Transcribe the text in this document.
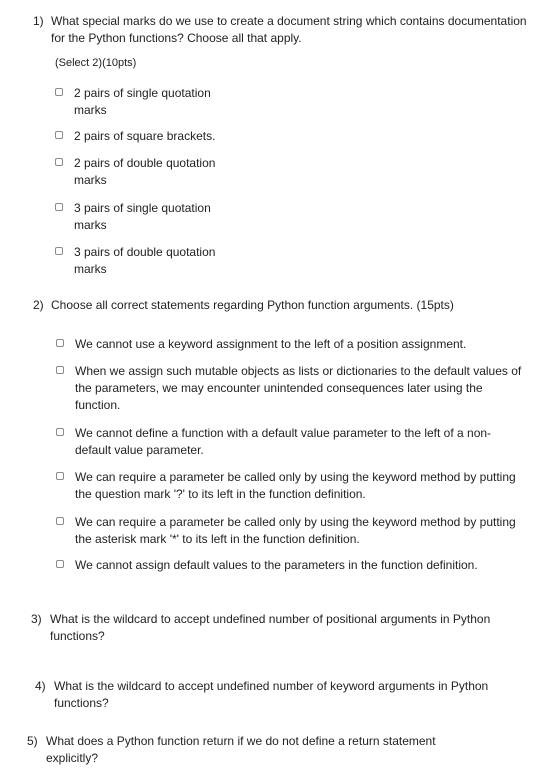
1) What special marks do we use to create a document string which contains documentation for the Python functions? Choose all that apply.
(Select 2)(10pts)
2 pairs of single quotation marks
2 pairs of square brackets.
2 pairs of double quotation marks
3 pairs of single quotation marks
3 pairs of double quotation marks
2) Choose all correct statements regarding Python function arguments. (15pts)
We cannot use a keyword assignment to the left of a position assignment.
When we assign such mutable objects as lists or dictionaries to the default values of the parameters, we may encounter unintended consequences later using the function.
We cannot define a function with a default value parameter to the left of a non-default value parameter.
We can require a parameter be called only by using the keyword method by putting the question mark '?' to its left in the function definition.
We can require a parameter be called only by using the keyword method by putting the asterisk mark '*' to its left in the function definition.
We cannot assign default values to the parameters in the function definition.
3) What is the wildcard to accept undefined number of positional arguments in Python functions?
4) What is the wildcard to accept undefined number of keyword arguments in Python functions?
5) What does a Python function return if we do not define a return statement explicitly?
